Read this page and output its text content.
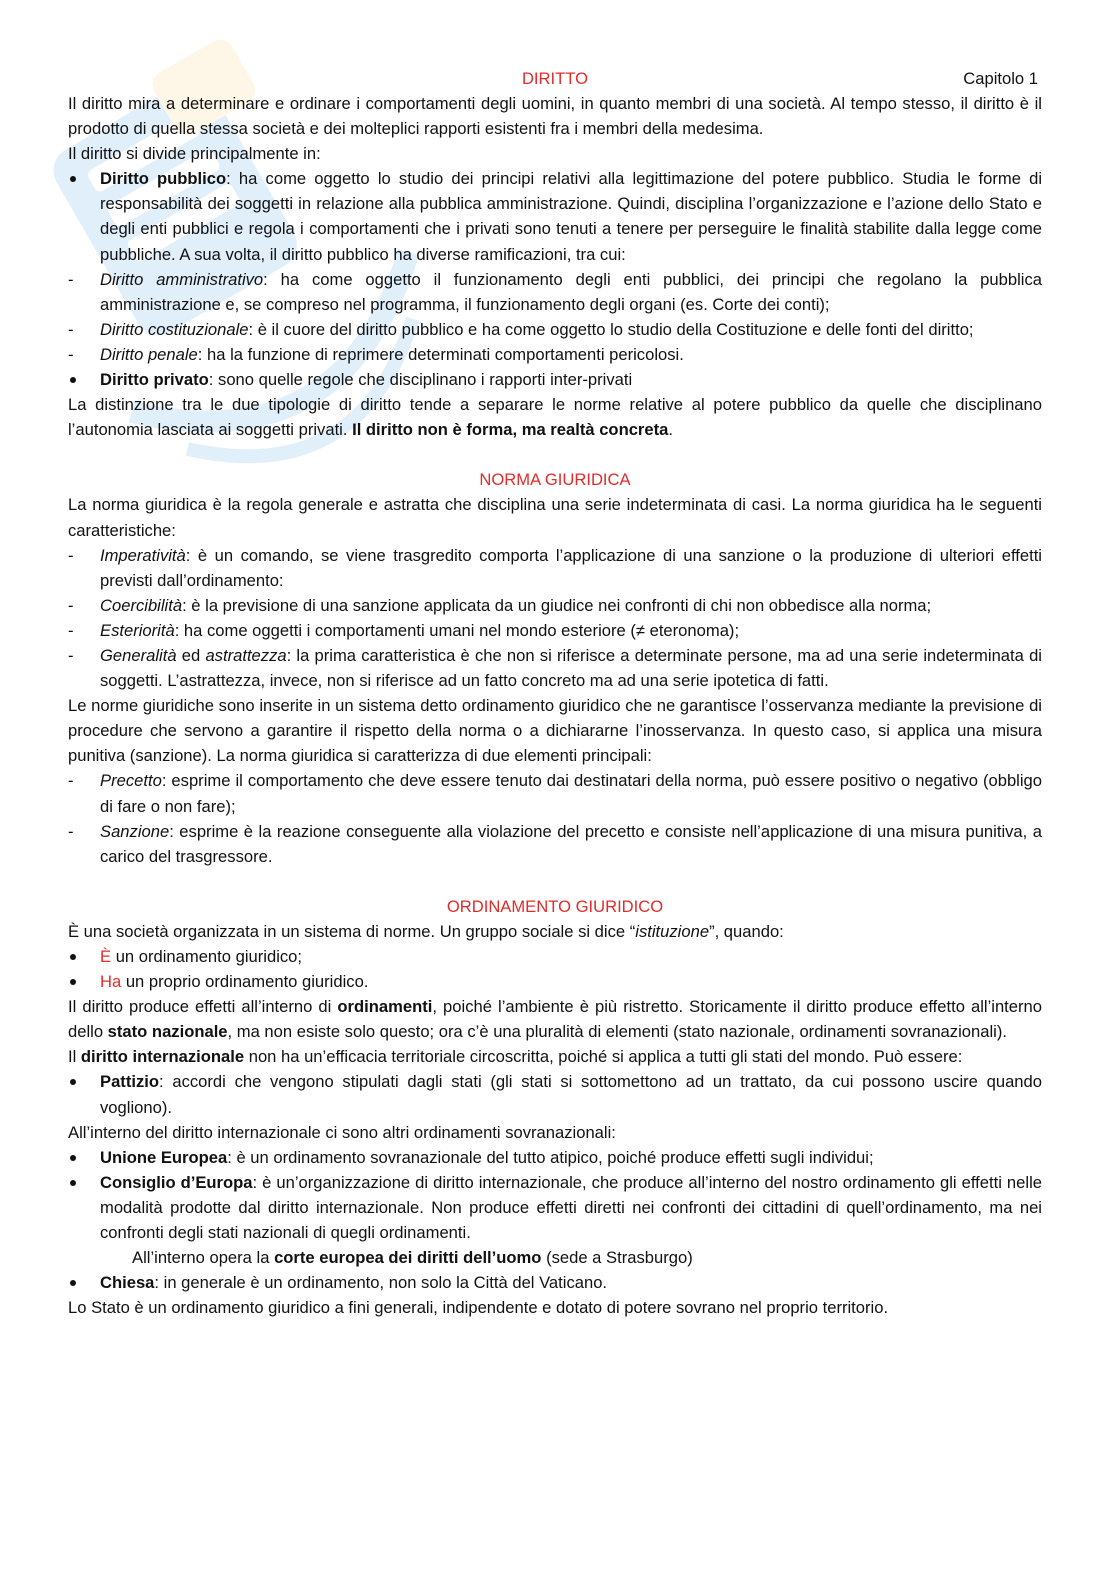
DIRITTO	Capitolo 1

Il diritto mira a determinare e ordinare i comportamenti degli uomini, in quanto membri di una società. Al tempo stesso, il diritto è il prodotto di quella stessa società e dei molteplici rapporti esistenti fra i membri della medesima.

Il diritto si divide principalmente in:

Diritto pubblico: ha come oggetto lo studio dei principi relativi alla legittimazione del potere pubblico. Studia le forme di responsabilità dei soggetti in relazione alla pubblica amministrazione. Quindi, disciplina l’organizzazione e l’azione dello Stato e degli enti pubblici e regola i comportamenti che i privati sono tenuti a tenere per perseguire le finalità stabilite dalla legge come pubbliche. A sua volta, il diritto pubblico ha diverse ramificazioni, tra cui:
-	Diritto amministrativo: ha come oggetto il funzionamento degli enti pubblici, dei principi che regolano la pubblica amministrazione e, se compreso nel programma, il funzionamento degli organi (es. Corte dei conti);
-	Diritto costituzionale: è il cuore del diritto pubblico e ha come oggetto lo studio della Costituzione e delle fonti del diritto;
-	Diritto penale: ha la funzione di reprimere determinati comportamenti pericolosi.
Diritto privato: sono quelle regole che disciplinano i rapporti inter-privati

La distinzione tra le due tipologie di diritto tende a separare le norme relative al potere pubblico da quelle che disciplinano l’autonomia lasciata ai soggetti privati. Il diritto non è forma, ma realtà concreta.

NORMA GIURIDICA

La norma giuridica è la regola generale e astratta che disciplina una serie indeterminata di casi. La norma giuridica ha le seguenti caratteristiche:

-	Imperatività: è un comando, se viene trasgredito comporta l’applicazione di una sanzione o la produzione di ulteriori effetti previsti dall’ordinamento:
-	Coercibilità: è la previsione di una sanzione applicata da un giudice nei confronti di chi non obbedisce alla norma;
-	Esteriorità: ha come oggetti i comportamenti umani nel mondo esteriore (≠ eteronoma);
-	Generalità ed astrattezza: la prima caratteristica è che non si riferisce a determinate persone, ma ad una serie indeterminata di soggetti. L’astrattezza, invece, non si riferisce ad un fatto concreto ma ad una serie ipotetica di fatti.

Le norme giuridiche sono inserite in un sistema detto ordinamento giuridico che ne garantisce l’osservanza mediante la previsione di procedure che servono a garantire il rispetto della norma o a dichiararne l’inosservanza. In questo caso, si applica una misura punitiva (sanzione). La norma giuridica si caratterizza di due elementi principali:

-	Precetto: esprime il comportamento che deve essere tenuto dai destinatari della norma, può essere positivo o negativo (obbligo di fare o non fare);
-	Sanzione: esprime è la reazione conseguente alla violazione del precetto e consiste nell’applicazione di una misura punitiva, a carico del trasgressore.

ORDINAMENTO GIURIDICO

È una società organizzata in un sistema di norme. Un gruppo sociale si dice “istituzione”, quando:

È un ordinamento giuridico;
Ha un proprio ordinamento giuridico.

Il diritto produce effetti all’interno di ordinamenti, poiché l’ambiente è più ristretto. Storicamente il diritto produce effetto all’interno dello stato nazionale, ma non esiste solo questo; ora c’è una pluralità di elementi (stato nazionale, ordinamenti sovranazionali).

Il diritto internazionale non ha un’efficacia territoriale circoscritta, poiché si applica a tutti gli stati del mondo. Può essere:

Pattizio: accordi che vengono stipulati dagli stati (gli stati si sottomettono ad un trattato, da cui possono uscire quando vogliono).

All’interno del diritto internazionale ci sono altri ordinamenti sovranazionali:

Unione Europea: è un ordinamento sovranazionale del tutto atipico, poiché produce effetti sugli individui;
Consiglio d’Europa: è un’organizzazione di diritto internazionale, che produce all’interno del nostro ordinamento gli effetti nelle modalità prodotte dal diritto internazionale. Non produce effetti diretti nei confronti dei cittadini di quell’ordinamento, ma nei confronti degli stati nazionali di quegli ordinamenti.

All’interno opera la corte europea dei diritti dell’uomo (sede a Strasburgo)

Chiesa: in generale è un ordinamento, non solo la Città del Vaticano.

Lo Stato è un ordinamento giuridico a fini generali, indipendente e dotato di potere sovrano nel proprio territorio.
